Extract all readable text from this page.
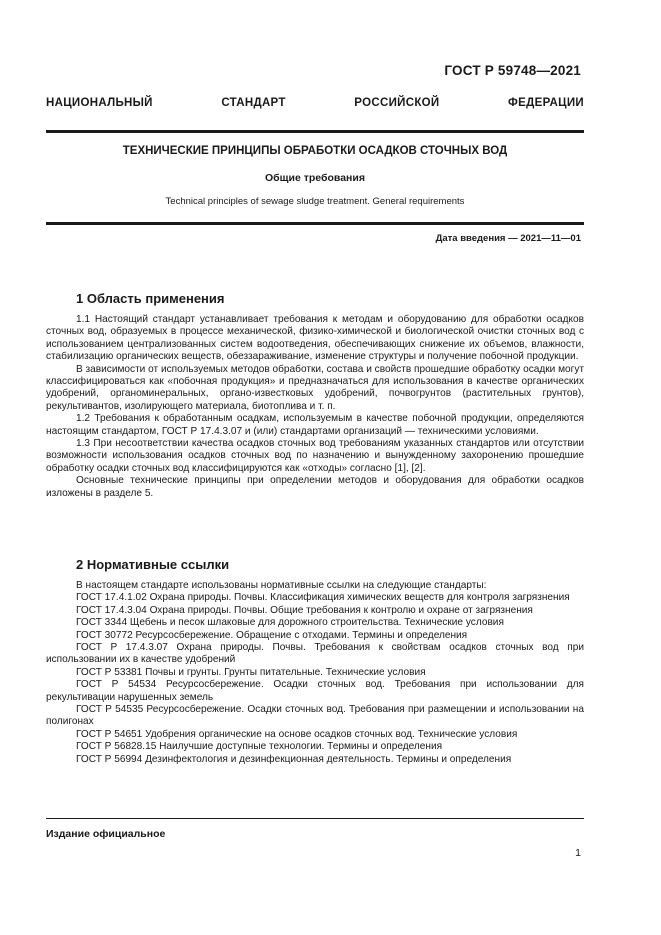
ГОСТ Р 59748—2021
НАЦИОНАЛЬНЫЙ СТАНДАРТ РОССИЙСКОЙ ФЕДЕРАЦИИ
ТЕХНИЧЕСКИЕ ПРИНЦИПЫ ОБРАБОТКИ ОСАДКОВ СТОЧНЫХ ВОД
Общие требования
Technical principles of sewage sludge treatment. General requirements
Дата введения — 2021—11—01
1 Область применения

1.1 Настоящий стандарт устанавливает требования к методам и оборудованию для обработки осадков сточных вод, образуемых в процессе механической, физико-химической и биологической очистки сточных вод с использованием централизованных систем водоотведения, обеспечивающих снижение их объемов, влажности, стабилизацию органических веществ, обеззараживание, изменение структуры и получение побочной продукции.

В зависимости от используемых методов обработки, состава и свойств прошедшие обработку осадки могут классифицироваться как «побочная продукция» и предназначаться для использования в качестве органических удобрений, органоминеральных, органо-известковых удобрений, почвогрунтов (растительных грунтов), рекультивантов, изолирующего материала, биотоплива и т. п.

1.2 Требования к обработанным осадкам, используемым в качестве побочной продукции, определяются настоящим стандартом, ГОСТ Р 17.4.3.07 и (или) стандартами организаций — техническими условиями.

1.3 При несоответствии качества осадков сточных вод требованиям указанных стандартов или отсутствии возможности использования осадков сточных вод по назначению и вынужденному захоронению прошедшие обработку осадки сточных вод классифицируются как «отходы» согласно [1], [2].

Основные технические принципы при определении методов и оборудования для обработки осадков изложены в разделе 5.

2 Нормативные ссылки

В настоящем стандарте использованы нормативные ссылки на следующие стандарты:

ГОСТ 17.4.1.02 Охрана природы. Почвы. Классификация химических веществ для контроля загрязнения

ГОСТ 17.4.3.04 Охрана природы. Почвы. Общие требования к контролю и охране от загрязнения

ГОСТ 3344 Щебень и песок шлаковые для дорожного строительства. Технические условия

ГОСТ 30772 Ресурсосбережение. Обращение с отходами. Термины и определения

ГОСТ Р 17.4.3.07 Охрана природы. Почвы. Требования к свойствам осадков сточных вод при использовании их в качестве удобрений

ГОСТ Р 53381 Почвы и грунты. Грунты питательные. Технические условия

ГОСТ Р 54534 Ресурсосбережение. Осадки сточных вод. Требования при использовании для рекультивации нарушенных земель

ГОСТ Р 54535 Ресурсосбережение. Осадки сточных вод. Требования при размещении и использовании на полигонах

ГОСТ Р 54651 Удобрения органические на основе осадков сточных вод. Технические условия

ГОСТ Р 56828.15 Наилучшие доступные технологии. Термины и определения

ГОСТ Р 56994 Дезинфектология и дезинфекционная деятельность. Термины и определения

Издание официальное
1
